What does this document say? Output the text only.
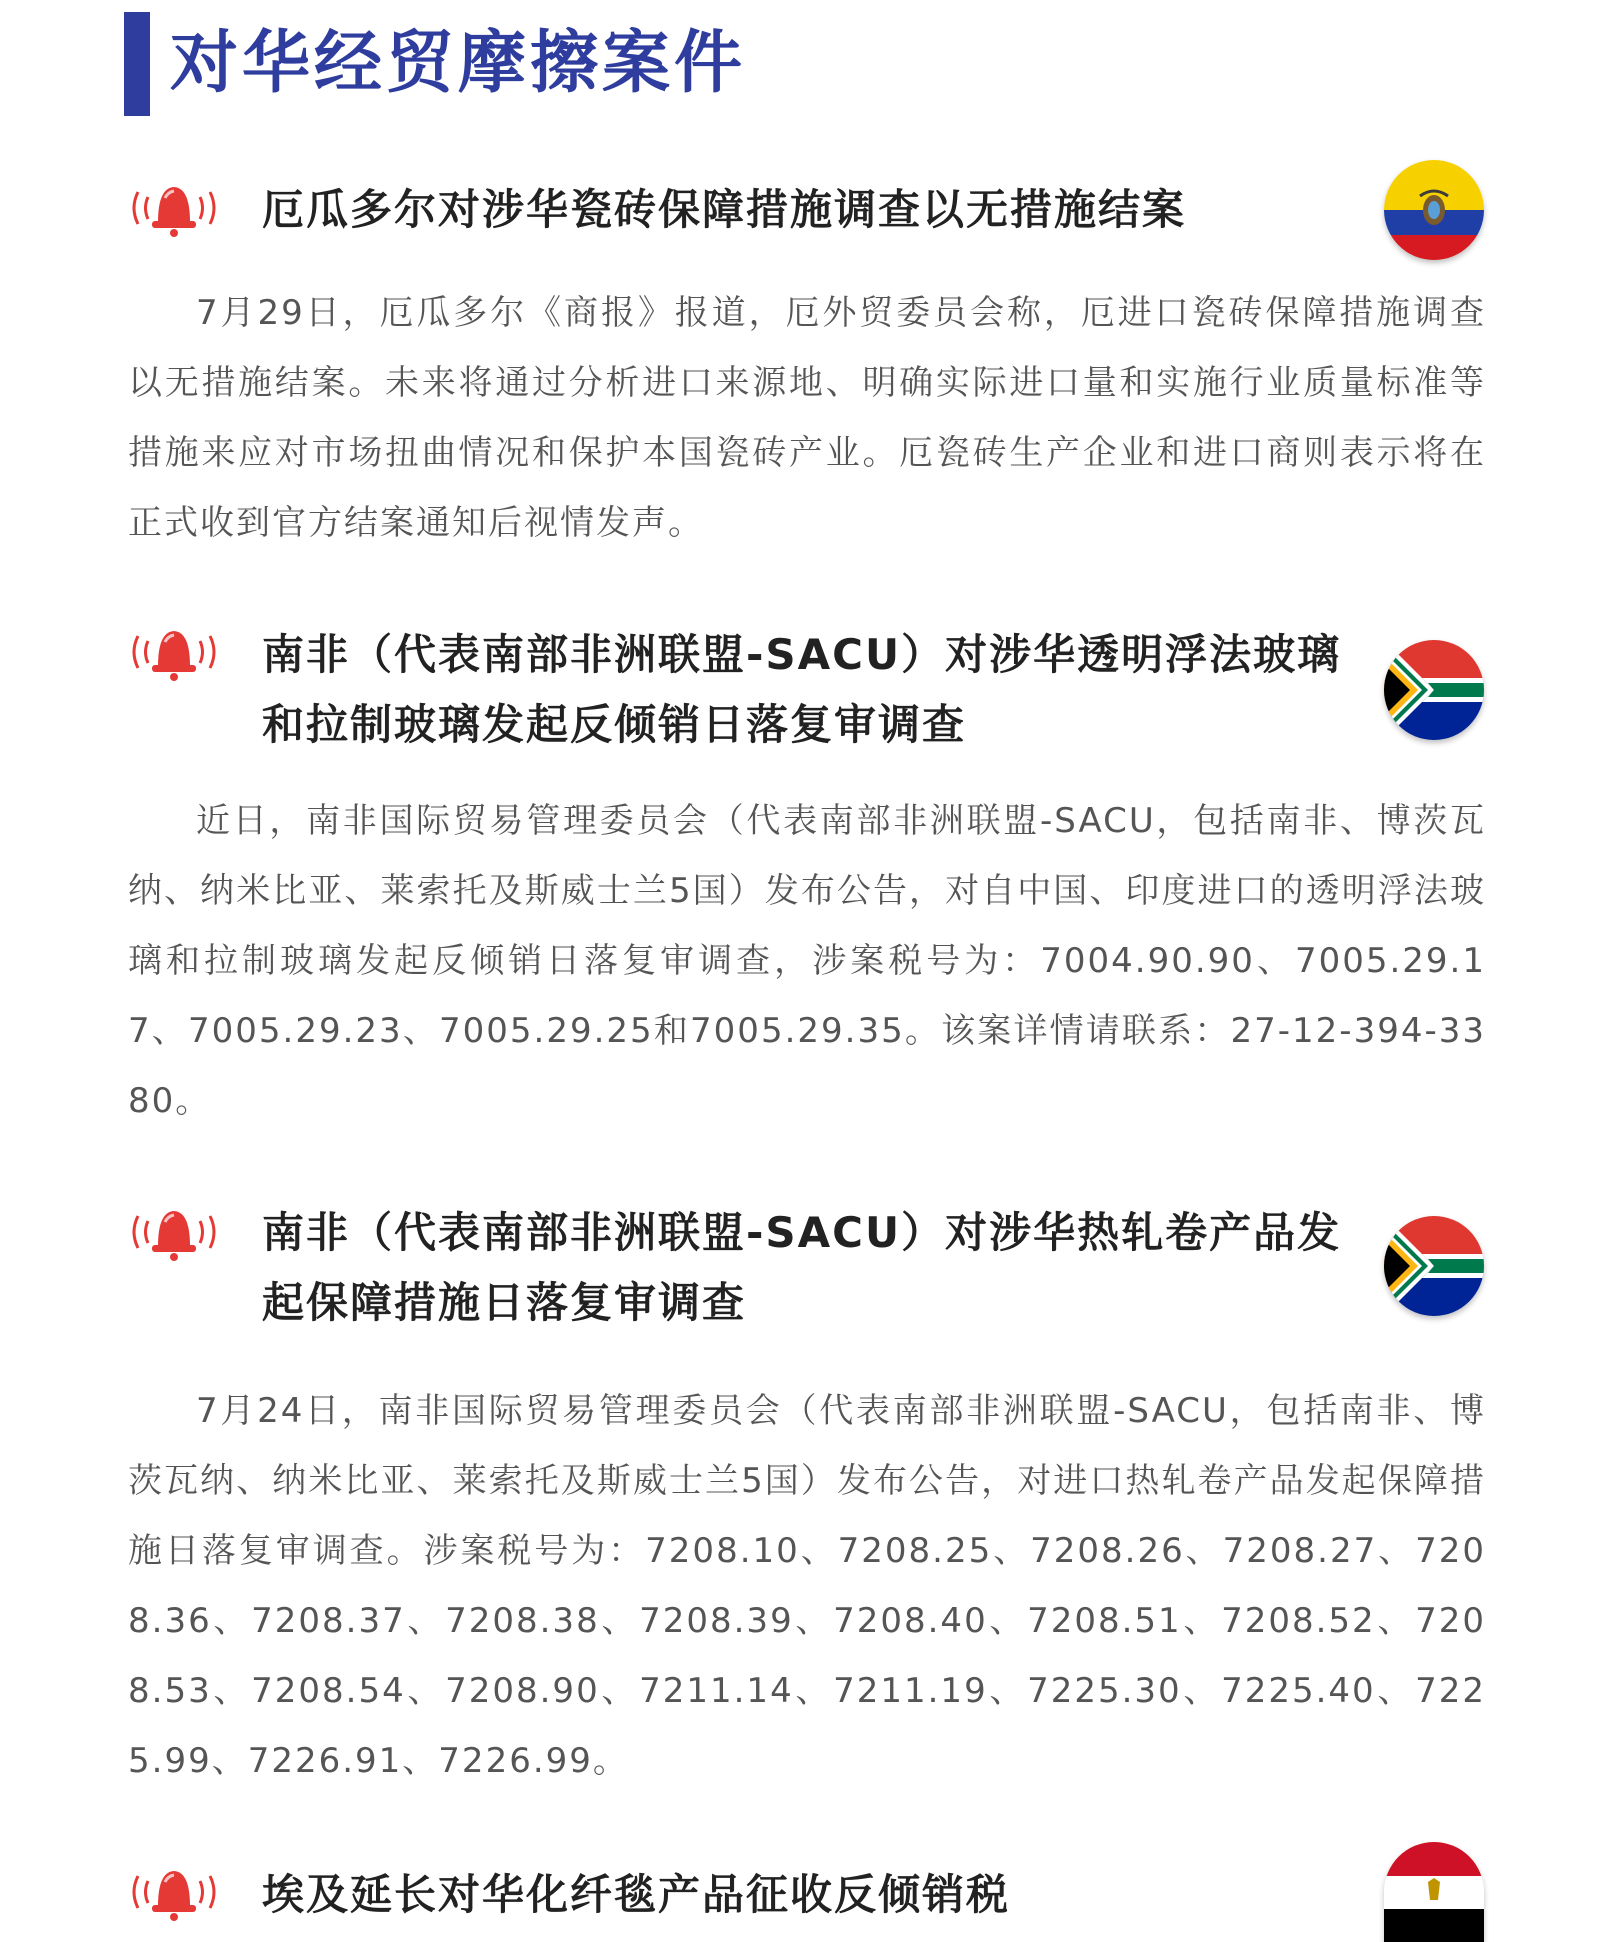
对华经贸摩擦案件
厄瓜多尔对涉华瓷砖保障措施调查以无措施结案
7月29日，厄瓜多尔《商报》报道，厄外贸委员会称，厄进口瓷砖保障措施调查以无措施结案。未来将通过分析进口来源地、明确实际进口量和实施行业质量标准等措施来应对市场扭曲情况和保护本国瓷砖产业。厄瓷砖生产企业和进口商则表示将在正式收到官方结案通知后视情发声。
南非（代表南部非洲联盟-SACU）对涉华透明浮法玻璃和拉制玻璃发起反倾销日落复审调查
近日，南非国际贸易管理委员会（代表南部非洲联盟-SACU，包括南非、博茨瓦纳、纳米比亚、莱索托及斯威士兰5国）发布公告，对自中国、印度进口的透明浮法玻璃和拉制玻璃发起反倾销日落复审调查，涉案税号为：7004.90.90、7005.29.17、7005.29.23、7005.29.25和7005.29.35。该案详情请联系：27-12-394-3380。
南非（代表南部非洲联盟-SACU）对涉华热轧卷产品发起保障措施日落复审调查
7月24日，南非国际贸易管理委员会（代表南部非洲联盟-SACU，包括南非、博茨瓦纳、纳米比亚、莱索托及斯威士兰5国）发布公告，对进口热轧卷产品发起保障措施日落复审调查。涉案税号为：7208.10、7208.25、7208.26、7208.27、7208.36、7208.37、7208.38、7208.39、7208.40、7208.51、7208.52、7208.53、7208.54、7208.90、7211.14、7211.19、7225.30、7225.40、7225.99、7226.91、7226.99。
埃及延长对华化纤毯产品征收反倾销税
